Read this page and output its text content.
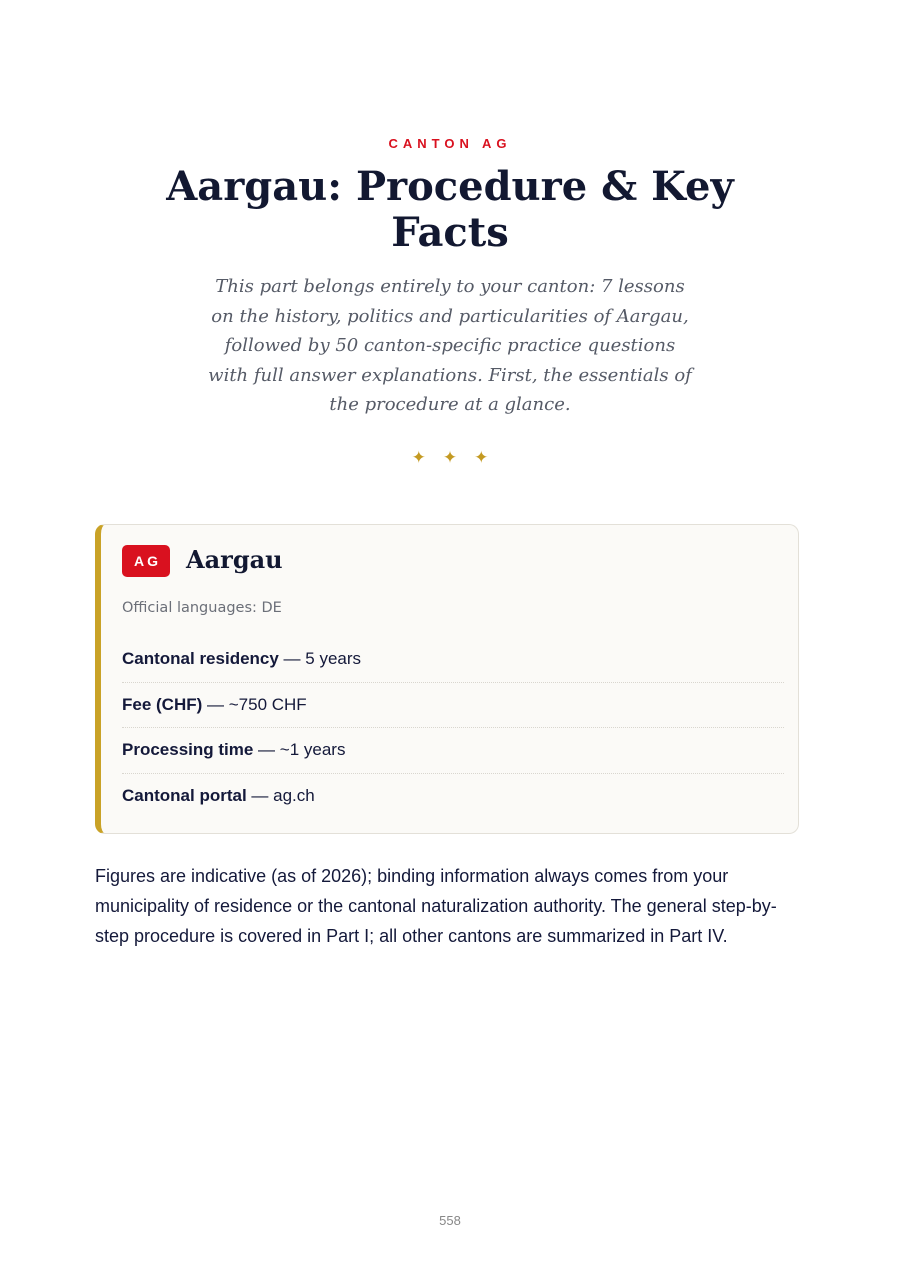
CANTON AG
Aargau: Procedure & Key Facts

This part belongs entirely to your canton: 7 lessons on the history, politics and particularities of Aargau, followed by 50 canton-specific practice questions with full answer explanations. First, the essentials of the procedure at a glance.

✦✦✦
AG	Aargau
Official languages: DE
Cantonal residency — 5 years
Fee (CHF) — ~750 CHF
Processing time — ~1 years
Cantonal portal — ag.ch

Figures are indicative (as of 2026); binding information always comes from your municipality of residence or the cantonal naturalization authority. The general step-by-step procedure is covered in Part I; all other cantons are summarized in Part IV.

558
